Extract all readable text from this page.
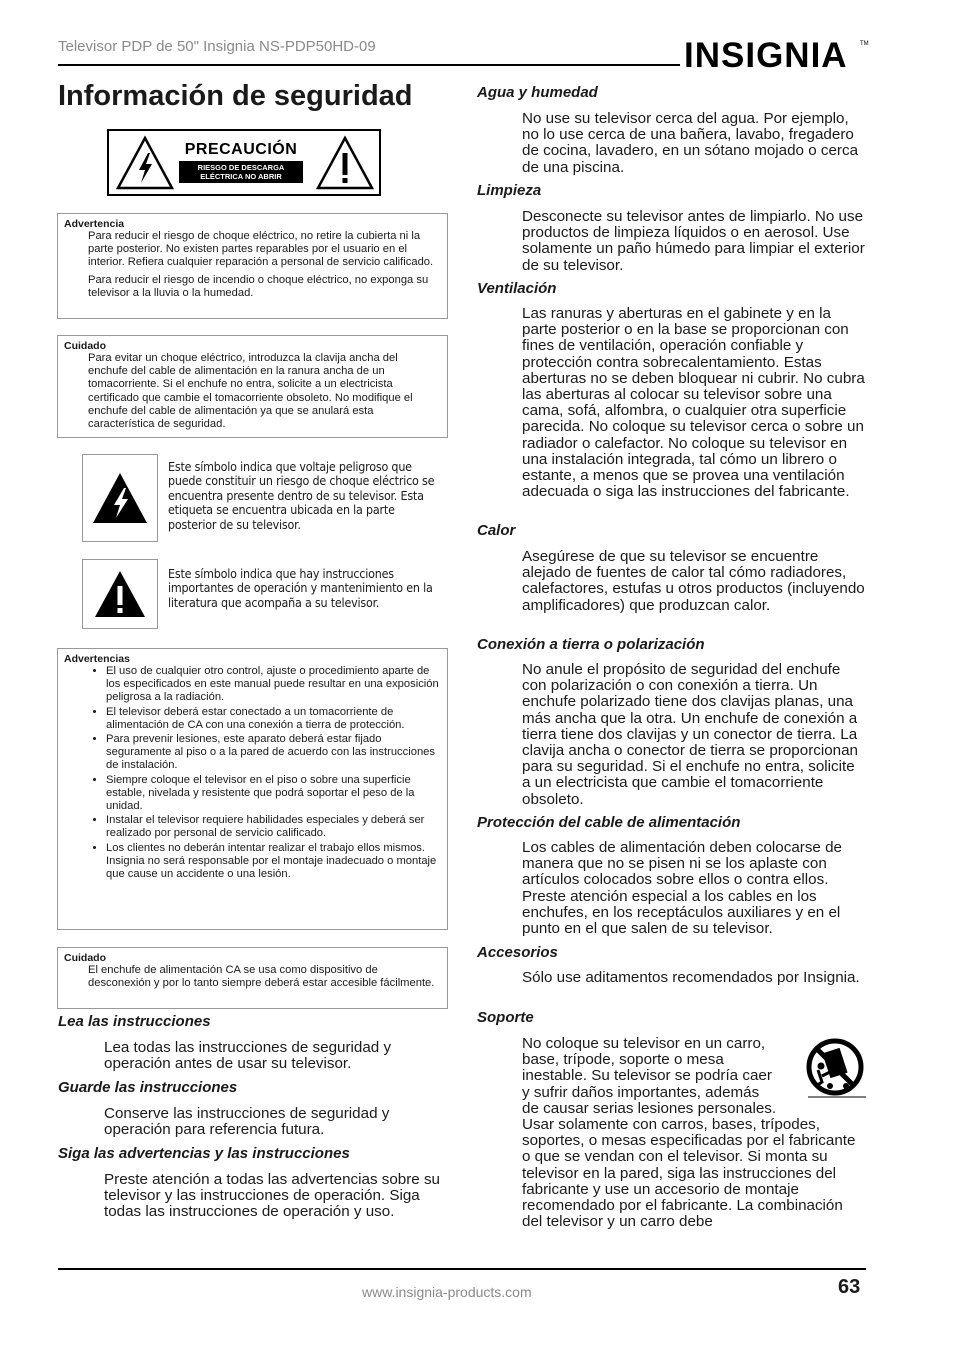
Televisor PDP de 50" Insignia NS-PDP50HD-09	INSIGNIA TM
Información de seguridad
PRECAUCIÓN
RIESGO DE DESCARGA
ELÉCTRICA NO ABRIR
Advertencia

Para reducir el riesgo de choque eléctrico, no retire la cubierta ni la parte posterior. No existen partes reparables por el usuario en el interior. Refiera cualquier reparación a personal de servicio calificado.

Para reducir el riesgo de incendio o choque eléctrico, no exponga su televisor a la lluvia o la humedad.

Cuidado

Para evitar un choque eléctrico, introduzca la clavija ancha del enchufe del cable de alimentación en la ranura ancha de un tomacorriente. Si el enchufe no entra, solicite a un electricista certificado que cambie el tomacorriente obsoleto. No modifique el enchufe del cable de alimentación ya que se anulará esta característica de seguridad.

Este símbolo indica que voltaje peligroso que puede constituir un riesgo de choque eléctrico se encuentra presente dentro de su televisor. Esta etiqueta se encuentra ubicada en la parte posterior de su televisor.
Este símbolo indica que hay instrucciones importantes de operación y mantenimiento en la literatura que acompaña a su televisor.
Advertencias
• El uso de cualquier otro control, ajuste o procedimiento aparte de los especificados en este manual puede resultar en una exposición peligrosa a la radiación.
• El televisor deberá estar conectado a un tomacorriente de alimentación de CA con una conexión a tierra de protección.
• Para prevenir lesiones, este aparato deberá estar fijado seguramente al piso o a la pared de acuerdo con las instrucciones de instalación.
• Siempre coloque el televisor en el piso o sobre una superficie estable, nivelada y resistente que podrá soportar el peso de la unidad.
• Instalar el televisor requiere habilidades especiales y deberá ser realizado por personal de servicio calificado.
• Los clientes no deberán intentar realizar el trabajo ellos mismos. Insignia no será responsable por el montaje inadecuado o montaje que cause un accidente o una lesión.
Cuidado

El enchufe de alimentación CA se usa como dispositivo de desconexión y por lo tanto siempre deberá estar accesible fácilmente.

Lea las instrucciones
Lea todas las instrucciones de seguridad y operación antes de usar su televisor.
Guarde las instrucciones
Conserve las instrucciones de seguridad y operación para referencia futura.
Siga las advertencias y las instrucciones
Preste atención a todas las advertencias sobre su televisor y las instrucciones de operación. Siga todas las instrucciones de operación y uso.
Agua y humedad
No use su televisor cerca del agua. Por ejemplo, no lo use cerca de una bañera, lavabo, fregadero de cocina, lavadero, en un sótano mojado o cerca de una piscina.
Limpieza
Desconecte su televisor antes de limpiarlo. No use productos de limpieza líquidos o en aerosol. Use solamente un paño húmedo para limpiar el exterior de su televisor.
Ventilación
Las ranuras y aberturas en el gabinete y en la parte posterior o en la base se proporcionan con fines de ventilación, operación confiable y protección contra sobrecalentamiento. Estas aberturas no se deben bloquear ni cubrir. No cubra las aberturas al colocar su televisor sobre una cama, sofá, alfombra, o cualquier otra superficie parecida. No coloque su televisor cerca o sobre un radiador o calefactor. No coloque su televisor en una instalación integrada, tal cómo un librero o estante, a menos que se provea una ventilación adecuada o siga las instrucciones del fabricante.
Calor
Asegúrese de que su televisor se encuentre alejado de fuentes de calor tal cómo radiadores, calefactores, estufas u otros productos (incluyendo amplificadores) que produzcan calor.
Conexión a tierra o polarización
No anule el propósito de seguridad del enchufe con polarización o con conexión a tierra. Un enchufe polarizado tiene dos clavijas planas, una más ancha que la otra. Un enchufe de conexión a tierra tiene dos clavijas y un conector de tierra. La clavija ancha o conector de tierra se proporcionan para su seguridad. Si el enchufe no entra, solicite a un electricista que cambie el tomacorriente obsoleto.
Protección del cable de alimentación
Los cables de alimentación deben colocarse de manera que no se pisen ni se los aplaste con artículos colocados sobre ellos o contra ellos. Preste atención especial a los cables en los enchufes, en los receptáculos auxiliares y en el punto en el que salen de su televisor.
Accesorios
Sólo use aditamentos recomendados por Insignia.
Soporte
No coloque su televisor en un carro,
base, trípode, soporte o mesa
inestable. Su televisor se podría caer
y sufrir daños importantes, además
de causar serias lesiones personales.
Usar solamente con carros, bases, trípodes, soportes, o mesas especificadas por el fabricante o que se vendan con el televisor. Si monta su televisor en la pared, siga las instrucciones del fabricante y use un accesorio de montaje recomendado por el fabricante. La combinación del televisor y un carro debe
www.insignia-products.com	63
